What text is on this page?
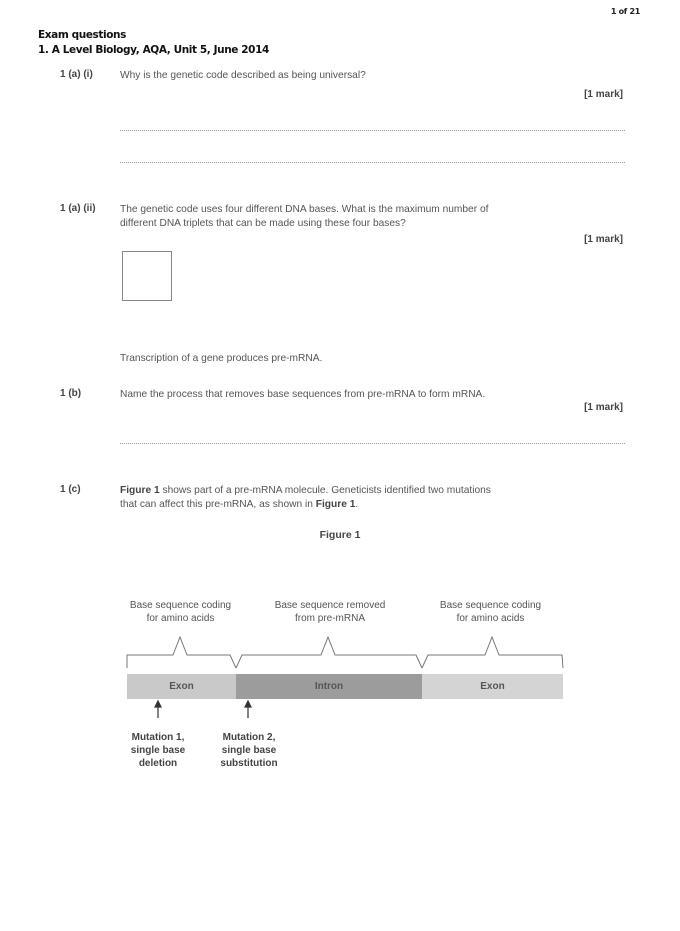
1 of 21
Exam questions
1. A Level Biology, AQA, Unit 5, June 2014
1 (a) (i)	Why is the genetic code described as being universal?
[1 mark]
1 (a) (ii) The genetic code uses four different DNA bases. What is the maximum number of
different DNA triplets that can be made using these four bases?
[1 mark]
Transcription of a gene produces pre-mRNA.
1 (b)	Name the process that removes base sequences from pre-mRNA to form mRNA.
[1 mark]
1 (c)	Figure 1 shows part of a pre-mRNA molecule. Geneticists identified two mutations
that can affect this pre-mRNA, as shown in Figure 1.
Figure 1
Base sequence coding
for amino acids
Base sequence removed
from pre-mRNA
Base sequence coding
for amino acids
Exon	Intron	Exon
Mutation 1,
single base
deletion
Mutation 2,
single base
substitution
